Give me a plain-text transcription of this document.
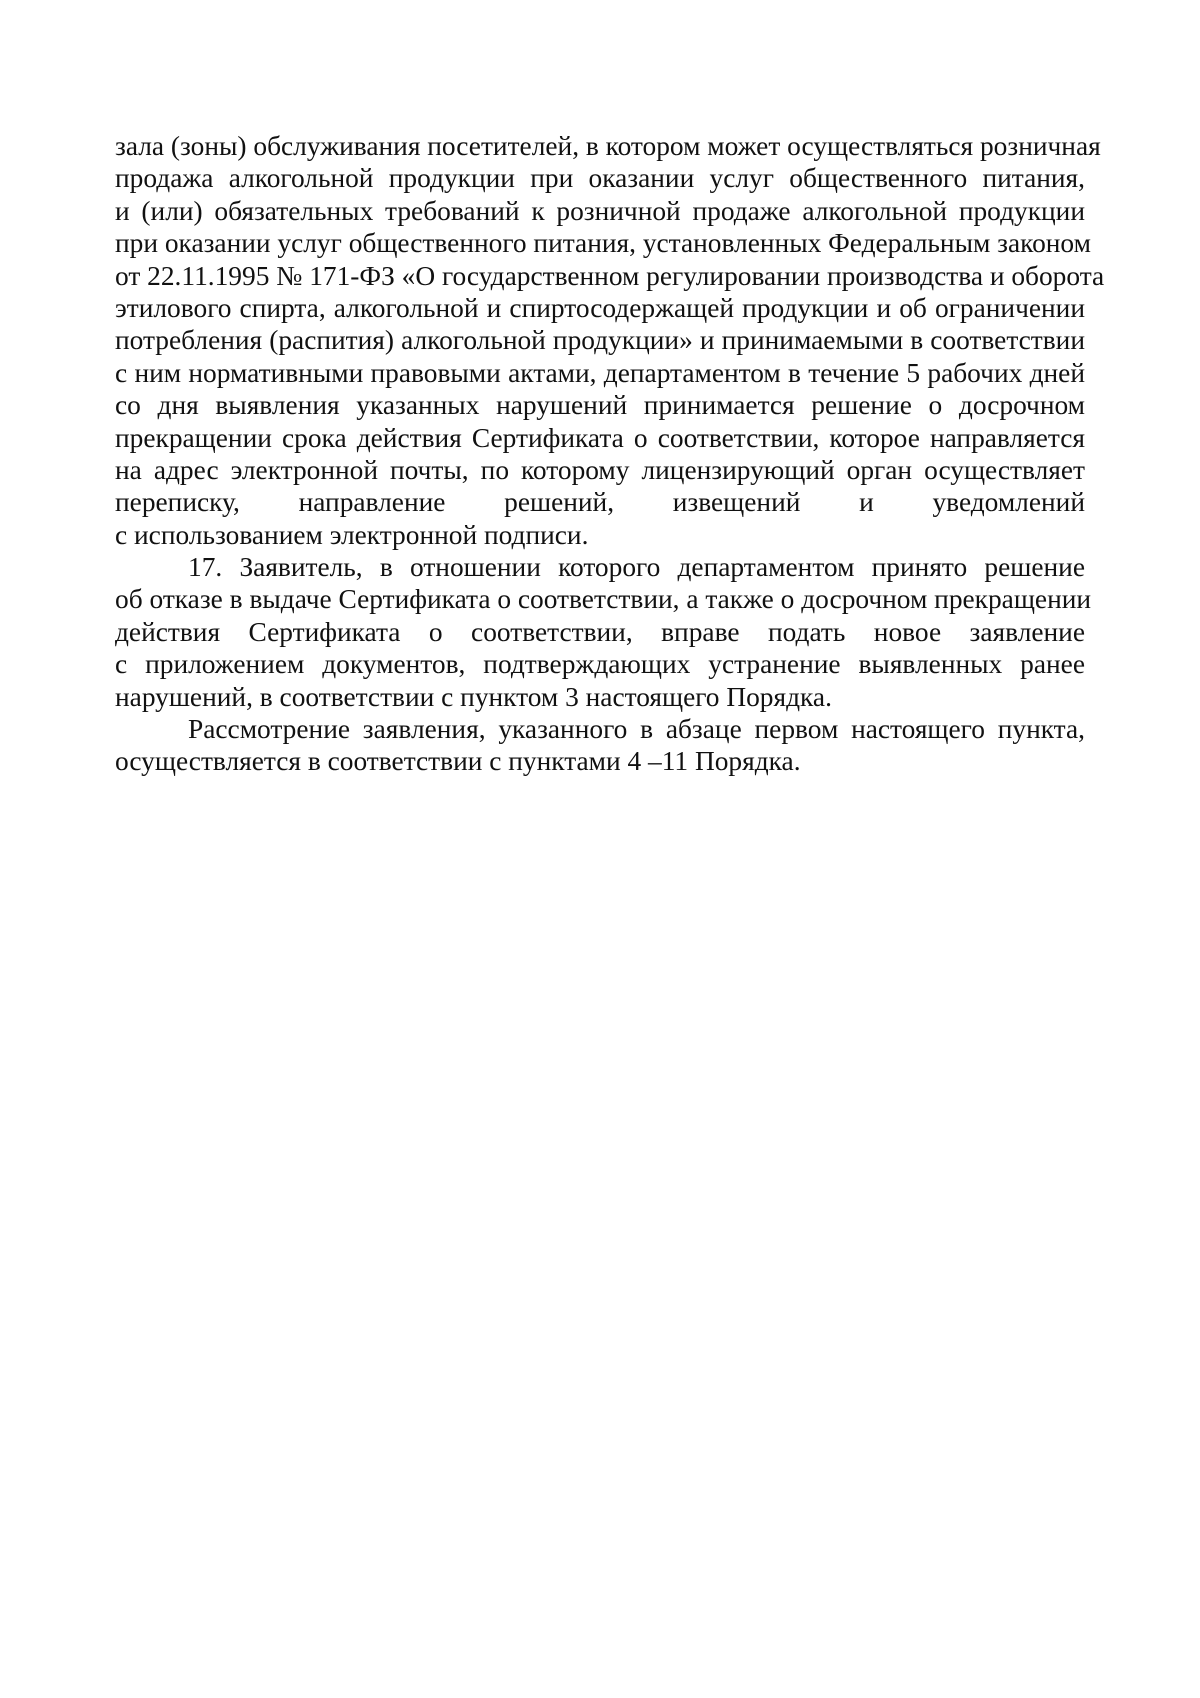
зала (зоны) обслуживания посетителей, в котором может осуществляться розничная
продажа алкогольной продукции при оказании услуг общественного питания,
и (или) обязательных требований к розничной продаже алкогольной продукции
при оказании услуг общественного питания, установленных Федеральным законом
от 22.11.1995 № 171-ФЗ «О государственном регулировании производства и оборота
этилового спирта, алкогольной и спиртосодержащей продукции и об ограничении
потребления (распития) алкогольной продукции» и принимаемыми в соответствии
с ним нормативными правовыми актами, департаментом в течение 5 рабочих дней
со дня выявления указанных нарушений принимается решение о досрочном
прекращении срока действия Сертификата о соответствии, которое направляется
на адрес электронной почты, по которому лицензирующий орган осуществляет
переписку, направление решений, извещений и уведомлений
с использованием электронной подписи.
17. Заявитель, в отношении которого департаментом принято решение
об отказе в выдаче Сертификата о соответствии, а также о досрочном прекращении
действия Сертификата о соответствии, вправе подать новое заявление
с приложением документов, подтверждающих устранение выявленных ранее
нарушений, в соответствии с пунктом 3 настоящего Порядка.
Рассмотрение заявления, указанного в абзаце первом настоящего пункта,
осуществляется в соответствии с пунктами 4 –11 Порядка.
